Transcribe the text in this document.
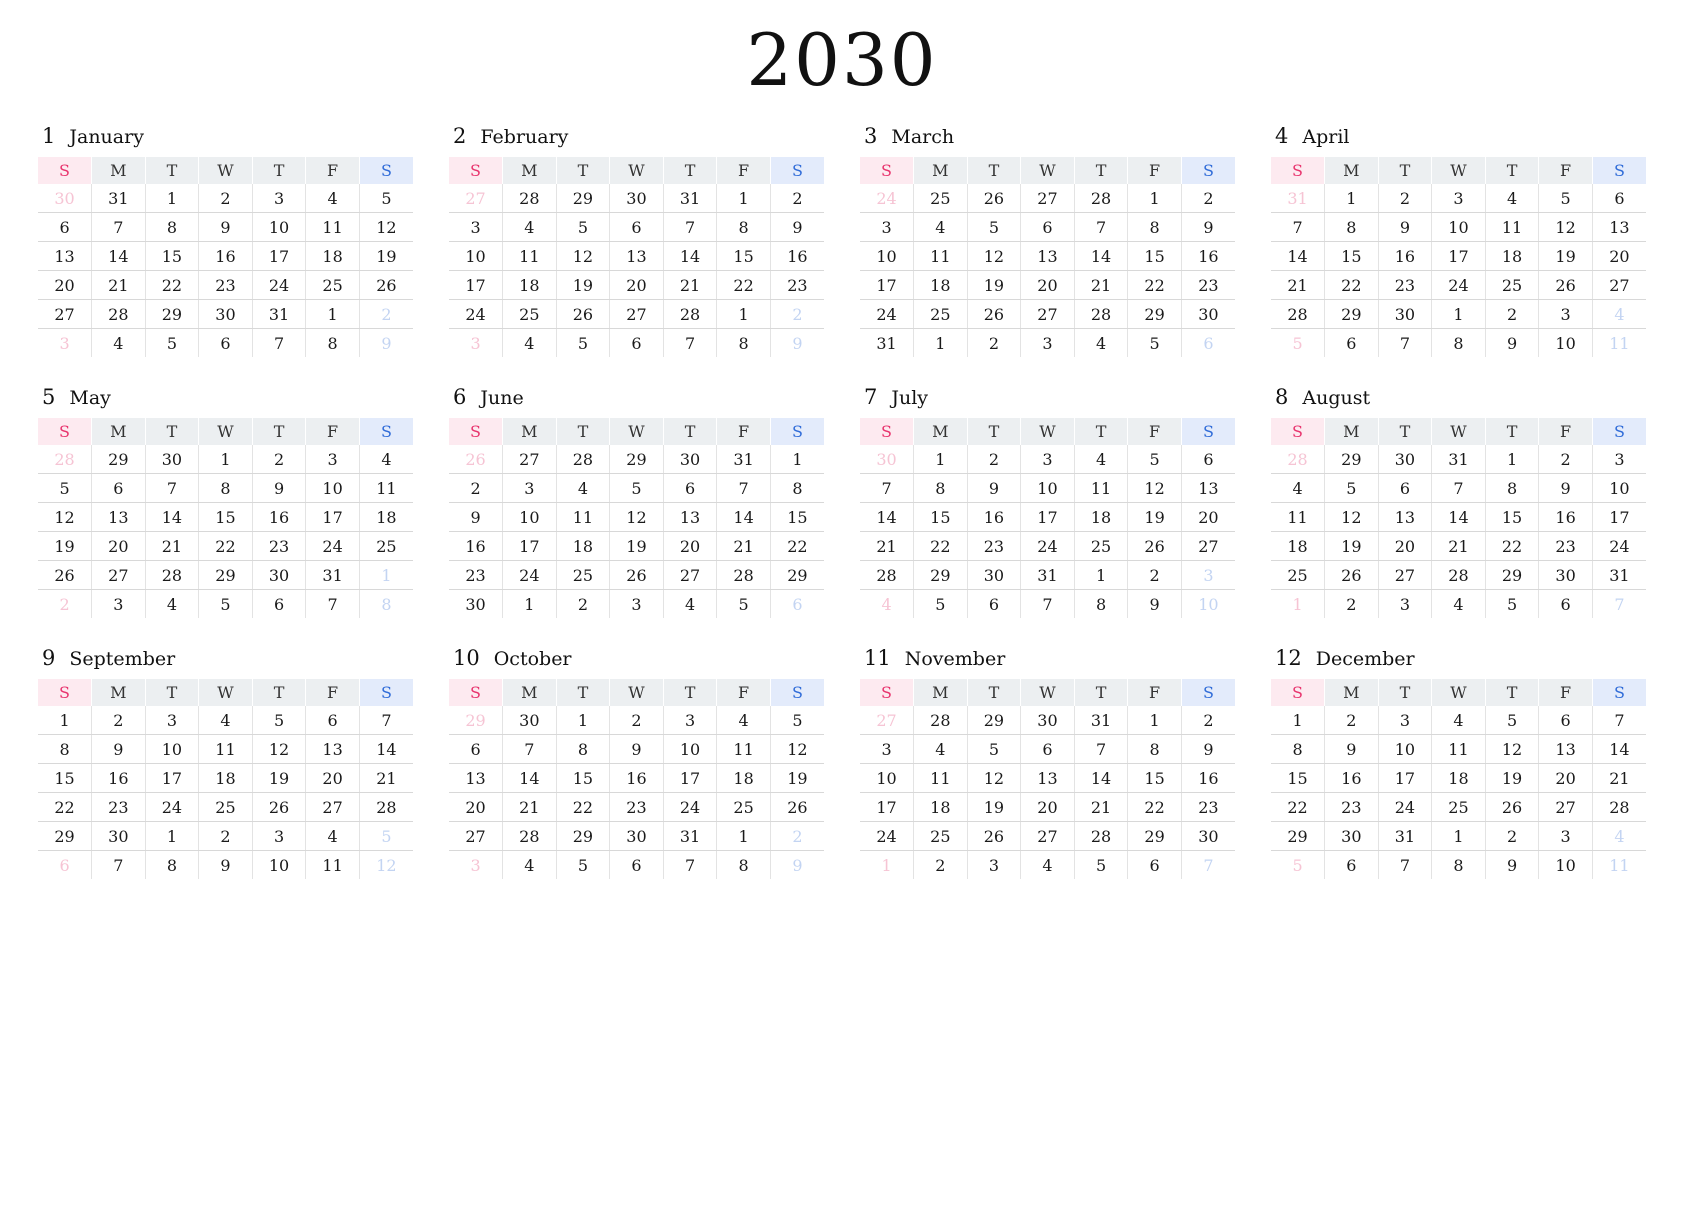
2030
1 January
S	M	T	W	T	F	S
30	31	1	2	3	4	5
6	7	8	9	10	11	12
13	14	15	16	17	18	19
20	21	22	23	24	25	26
27	28	29	30	31	1	2
3	4	5	6	7	8	9
2 February
S	M	T	W	T	F	S
27	28	29	30	31	1	2
3	4	5	6	7	8	9
10	11	12	13	14	15	16
17	18	19	20	21	22	23
24	25	26	27	28	1	2
3	4	5	6	7	8	9
3 March
S	M	T	W	T	F	S
24	25	26	27	28	1	2
3	4	5	6	7	8	9
10	11	12	13	14	15	16
17	18	19	20	21	22	23
24	25	26	27	28	29	30
31	1	2	3	4	5	6
4 April
S	M	T	W	T	F	S
31	1	2	3	4	5	6
7	8	9	10	11	12	13
14	15	16	17	18	19	20
21	22	23	24	25	26	27
28	29	30	1	2	3	4
5	6	7	8	9	10	11
5 May
S	M	T	W	T	F	S
28	29	30	1	2	3	4
5	6	7	8	9	10	11
12	13	14	15	16	17	18
19	20	21	22	23	24	25
26	27	28	29	30	31	1
2	3	4	5	6	7	8
6 June
S	M	T	W	T	F	S
26	27	28	29	30	31	1
2	3	4	5	6	7	8
9	10	11	12	13	14	15
16	17	18	19	20	21	22
23	24	25	26	27	28	29
30	1	2	3	4	5	6
7 July
S	M	T	W	T	F	S
30	1	2	3	4	5	6
7	8	9	10	11	12	13
14	15	16	17	18	19	20
21	22	23	24	25	26	27
28	29	30	31	1	2	3
4	5	6	7	8	9	10
8 August
S	M	T	W	T	F	S
28	29	30	31	1	2	3
4	5	6	7	8	9	10
11	12	13	14	15	16	17
18	19	20	21	22	23	24
25	26	27	28	29	30	31
1	2	3	4	5	6	7
9 September
S	M	T	W	T	F	S
1	2	3	4	5	6	7
8	9	10	11	12	13	14
15	16	17	18	19	20	21
22	23	24	25	26	27	28
29	30	1	2	3	4	5
6	7	8	9	10	11	12
10 October
S	M	T	W	T	F	S
29	30	1	2	3	4	5
6	7	8	9	10	11	12
13	14	15	16	17	18	19
20	21	22	23	24	25	26
27	28	29	30	31	1	2
3	4	5	6	7	8	9
11 November
S	M	T	W	T	F	S
27	28	29	30	31	1	2
3	4	5	6	7	8	9
10	11	12	13	14	15	16
17	18	19	20	21	22	23
24	25	26	27	28	29	30
1	2	3	4	5	6	7
12 December
S	M	T	W	T	F	S
1	2	3	4	5	6	7
8	9	10	11	12	13	14
15	16	17	18	19	20	21
22	23	24	25	26	27	28
29	30	31	1	2	3	4
5	6	7	8	9	10	11
